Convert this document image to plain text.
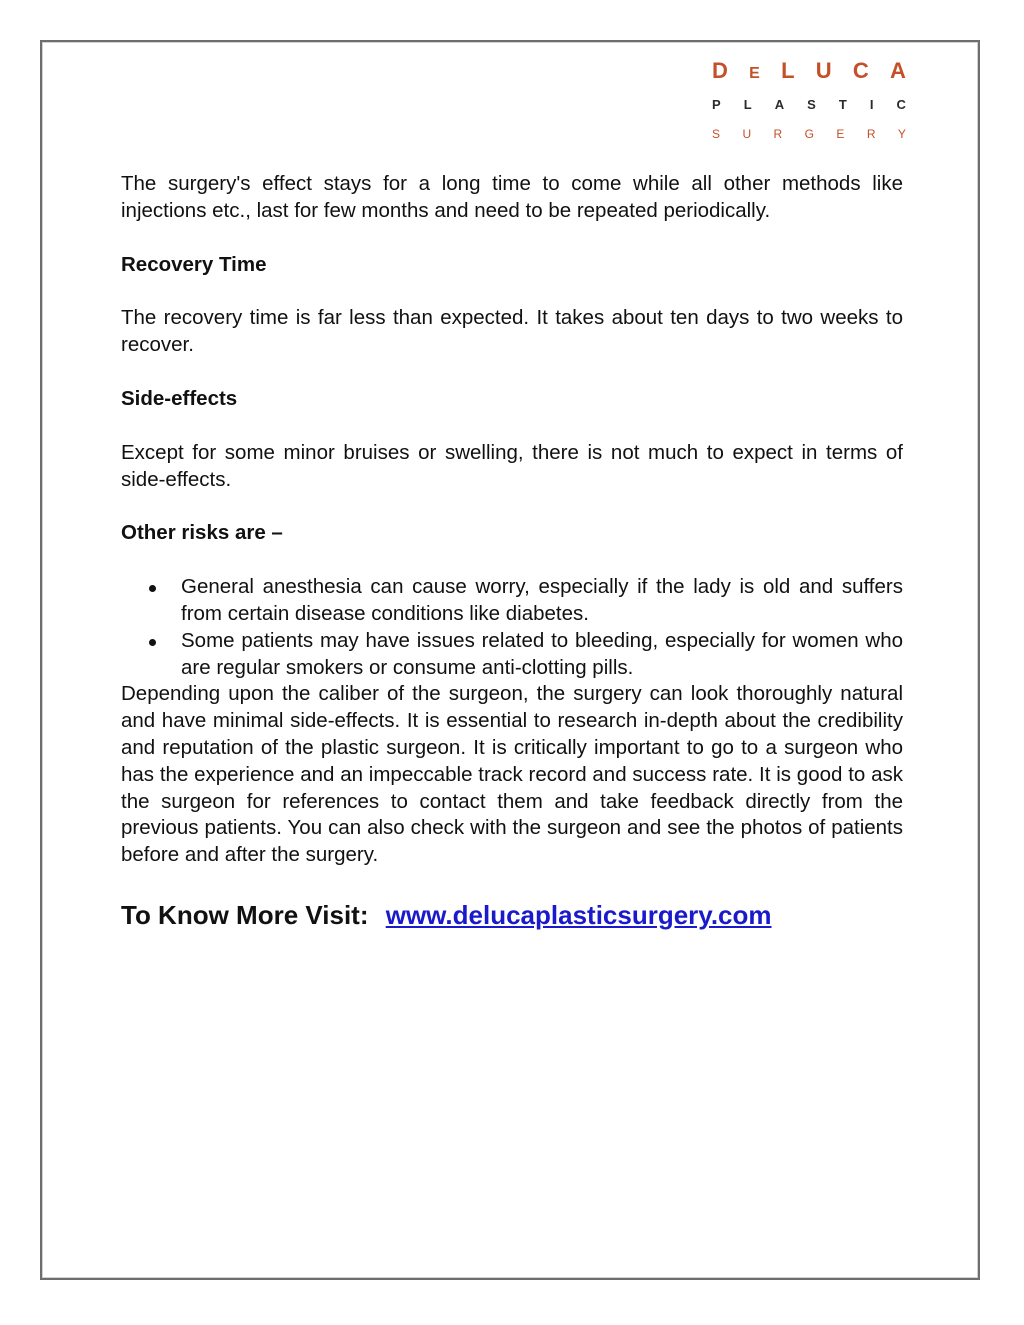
D E L U C A
P L A S T I C
S U R G E R Y

The surgery's effect stays for a long time to come while all other methods like injections etc., last for few months and need to be repeated periodically.

Recovery Time

The recovery time is far less than expected. It takes about ten days to two weeks to recover.

Side-effects

Except for some minor bruises or swelling, there is not much to expect in terms of side-effects.

Other risks are –

General anesthesia can cause worry, especially if the lady is old and suffers from certain disease conditions like diabetes.
Some patients may have issues related to bleeding, especially for women who are regular smokers or consume anti-clotting pills.

Depending upon the caliber of the surgeon, the surgery can look thoroughly natural and have minimal side-effects. It is essential to research in-depth about the credibility and reputation of the plastic surgeon. It is critically important to go to a surgeon who has the experience and an impeccable track record and success rate. It is good to ask the surgeon for references to contact them and take feedback directly from the previous patients. You can also check with the surgeon and see the photos of patients before and after the surgery.

To Know More Visit: www.delucaplasticsurgery.com
